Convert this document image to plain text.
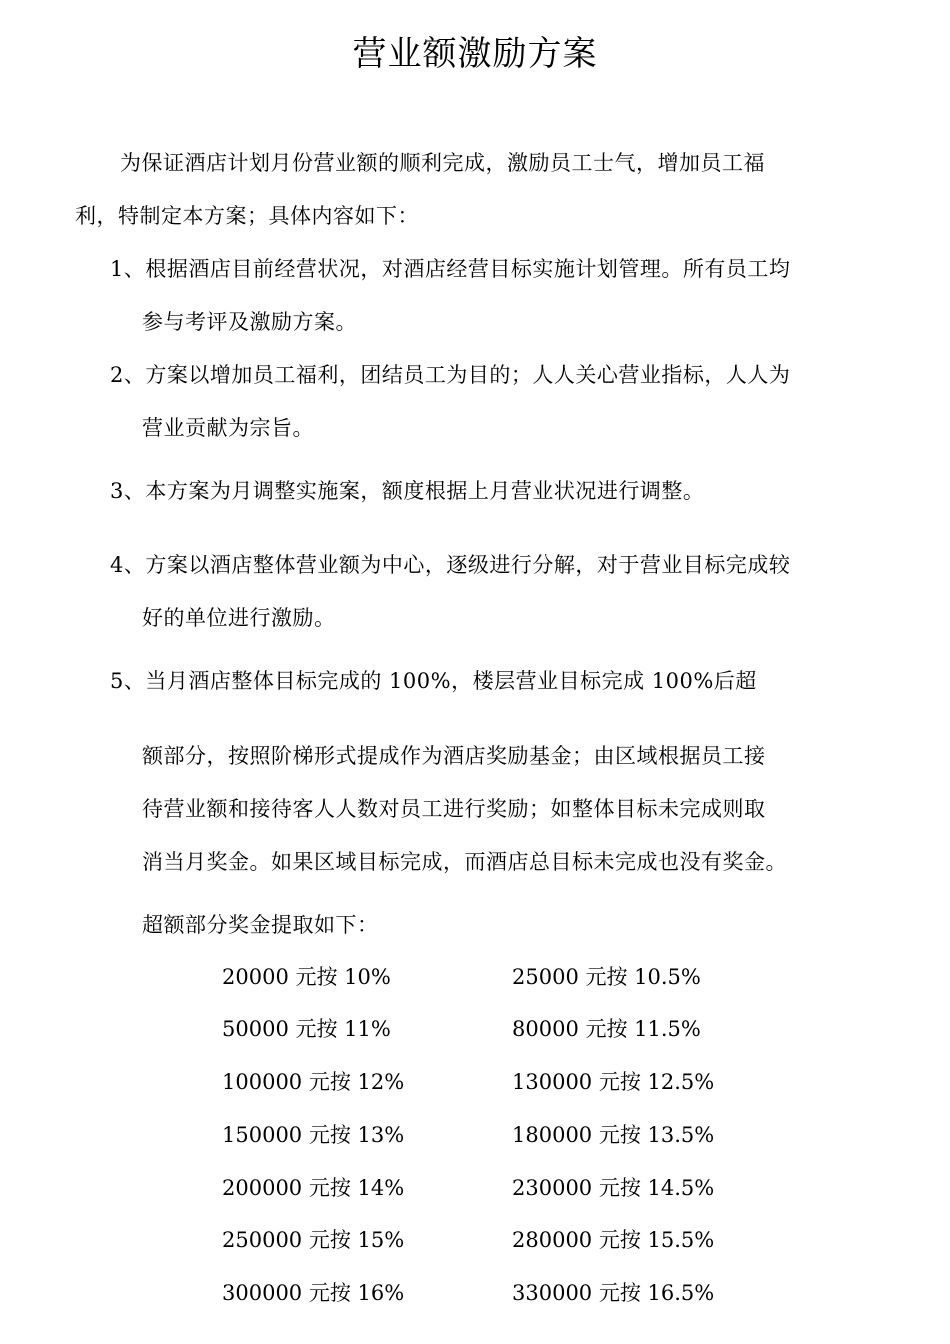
营业额激励方案
为保证酒店计划月份营业额的顺利完成，激励员工士气，增加员工福
利，特制定本方案；具体内容如下：
1、根据酒店目前经营状况，对酒店经营目标实施计划管理。所有员工均
参与考评及激励方案。
2、方案以增加员工福利，团结员工为目的；人人关心营业指标，人人为
营业贡献为宗旨。
3、本方案为月调整实施案，额度根据上月营业状况进行调整。
4、方案以酒店整体营业额为中心，逐级进行分解，对于营业目标完成较
好的单位进行激励。
5、当月酒店整体目标完成的 100%，楼层营业目标完成 100%后超
额部分，按照阶梯形式提成作为酒店奖励基金；由区域根据员工接
待营业额和接待客人人数对员工进行奖励；如整体目标未完成则取
消当月奖金。如果区域目标完成，而酒店总目标未完成也没有奖金。
超额部分奖金提取如下：
20000 元按 10%	25000 元按 10.5%
50000 元按 11%	80000 元按 11.5%
100000 元按 12%	130000 元按 12.5%
150000 元按 13%	180000 元按 13.5%
200000 元按 14%	230000 元按 14.5%
250000 元按 15%	280000 元按 15.5%
300000 元按 16%	330000 元按 16.5%
